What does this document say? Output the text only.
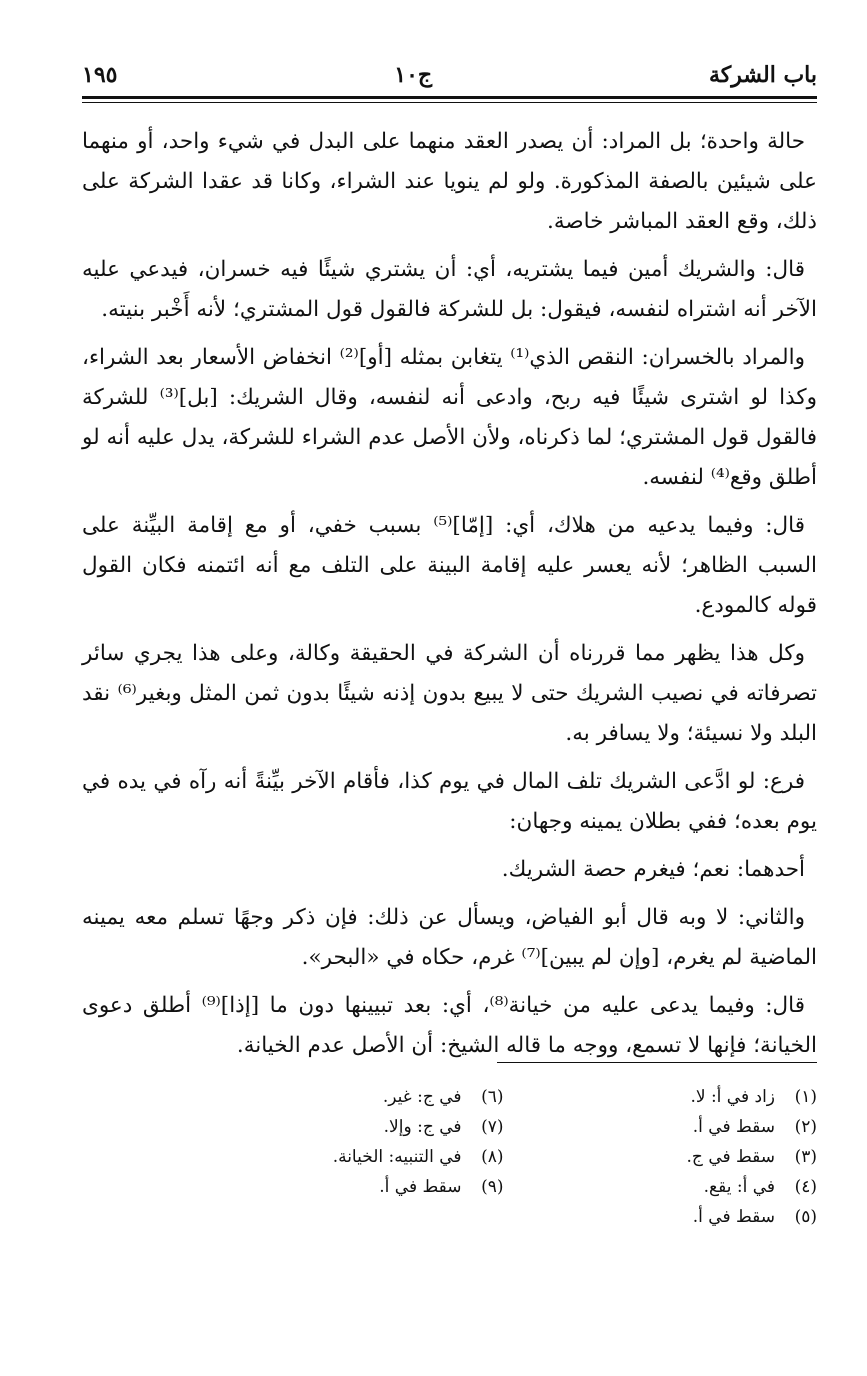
باب الشركة
ج١٠
١٩٥

حالة واحدة؛ بل المراد: أن يصدر العقد منهما على البدل في شيء واحد، أو منهما على شيئين بالصفة المذكورة. ولو لم ينويا عند الشراء، وكانا قد عقدا الشركة على ذلك، وقع العقد المباشر خاصة.

قال: والشريك أمين فيما يشتريه، أي: أن يشتري شيئًا فيه خسران، فيدعي عليه الآخر أنه اشتراه لنفسه، فيقول: بل للشركة فالقول قول المشتري؛ لأنه أَخْبر بنيته.

والمراد بالخسران: النقص الذي⁽¹⁾ يتغابن بمثله [أو]⁽²⁾ انخفاض الأسعار بعد الشراء، وكذا لو اشترى شيئًا فيه ربح، وادعى أنه لنفسه، وقال الشريك: [بل]⁽³⁾ للشركة فالقول قول المشتري؛ لما ذكرناه، ولأن الأصل عدم الشراء للشركة، يدل عليه أنه لو أطلق وقع⁽⁴⁾ لنفسه.

قال: وفيما يدعيه من هلاك، أي: [إمّا]⁽⁵⁾ بسبب خفي، أو مع إقامة البيِّنة على السبب الظاهر؛ لأنه يعسر عليه إقامة البينة على التلف مع أنه ائتمنه فكان القول قوله كالمودع.

وكل هذا يظهر مما قررناه أن الشركة في الحقيقة وكالة، وعلى هذا يجري سائر تصرفاته في نصيب الشريك حتى لا يبيع بدون إذنه شيئًا بدون ثمن المثل وبغير⁽⁶⁾ نقد البلد ولا نسيئة؛ ولا يسافر به.

فرع: لو ادَّعى الشريك تلف المال في يوم كذا، فأقام الآخر بيِّنةً أنه رآه في يده في يوم بعده؛ ففي بطلان يمينه وجهان:

أحدهما: نعم؛ فيغرم حصة الشريك.

والثاني: لا وبه قال أبو الفياض، ويسأل عن ذلك: فإن ذكر وجهًا تسلم معه يمينه الماضية لم يغرم، [وإن لم يبين]⁽⁷⁾ غرم، حكاه في «البحر».

قال: وفيما يدعى عليه من خيانة⁽⁸⁾، أي: بعد تبيينها دون ما [إذا]⁽⁹⁾ أطلق دعوى الخيانة؛ فإنها لا تسمع، ووجه ما قاله الشيخ: أن الأصل عدم الخيانة.

(١)
زاد في أ: لا.
(٢)
سقط في أ.
(٣)
سقط في ج.
(٤)
في أ: يقع.
(٥)
سقط في أ.
(٦)
في ج: غير.
(٧)
في ج: وإلا.
(٨)
في التنبيه: الخيانة.
(٩)
سقط في أ.
